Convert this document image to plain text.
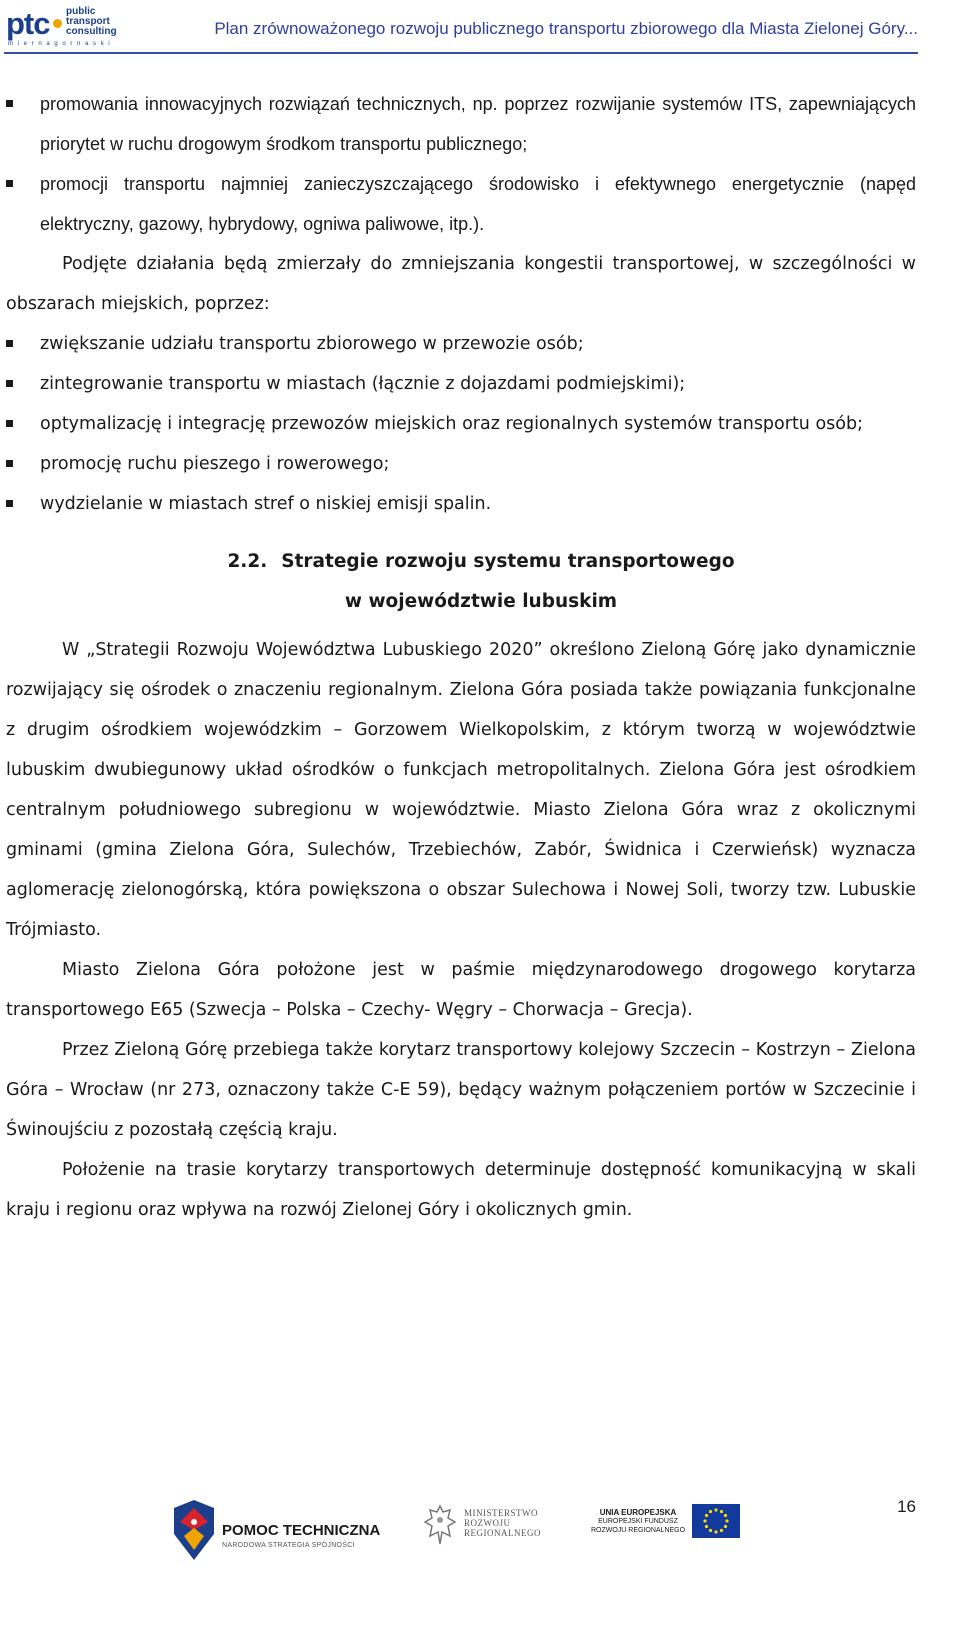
ptc public
transport
consulting
m i e r n a g o r n a s k i
Plan zrównoważonego rozwoju publicznego transportu zbiorowego dla Miasta Zielonej Góry...
promowania innowacyjnych rozwiązań technicznych, np. poprzez rozwijanie systemów ITS, zapewniających priorytet w ruchu drogowym środkom transportu publicznego;
promocji transportu najmniej zanieczyszczającego środowisko i efektywnego energetycznie (napęd elektryczny, gazowy, hybrydowy, ogniwa paliwowe, itp.).
Podjęte działania będą zmierzały do zmniejszania kongestii transportowej, w szczególności w obszarach miejskich, poprzez:
zwiększanie udziału transportu zbiorowego w przewozie osób;
zintegrowanie transportu w miastach (łącznie z dojazdami podmiejskimi);
optymalizację i integrację przewozów miejskich oraz regionalnych systemów transportu osób;
promocję ruchu pieszego i rowerowego;
wydzielanie w miastach stref o niskiej emisji spalin.
2.2. Strategie rozwoju systemu transportowego
w województwie lubuskim
W „Strategii Rozwoju Województwa Lubuskiego 2020” określono Zieloną Górę jako dynamicznie rozwijający się ośrodek o znaczeniu regionalnym. Zielona Góra posiada także powiązania funkcjonalne z drugim ośrodkiem wojewódzkim – Gorzowem Wielkopolskim, z którym tworzą w województwie lubuskim dwubiegunowy układ ośrodków o funkcjach metropolitalnych. Zielona Góra jest ośrodkiem centralnym południowego subregionu w województwie. Miasto Zielona Góra wraz z okolicznymi gminami (gmina Zielona Góra, Sulechów, Trzebiechów, Zabór, Świdnica i Czerwieńsk) wyznacza aglomerację zielonogórską, która powiększona o obszar Sulechowa i Nowej Soli, tworzy tzw. Lubuskie Trójmiasto.
Miasto Zielona Góra położone jest w paśmie międzynarodowego drogowego korytarza transportowego E65 (Szwecja – Polska – Czechy- Węgry – Chorwacja – Grecja).
Przez Zieloną Górę przebiega także korytarz transportowy kolejowy Szczecin – Kostrzyn – Zielona Góra – Wrocław (nr 273, oznaczony także C-E 59), będący ważnym połączeniem portów w Szczecinie i Świnoujściu z pozostałą częścią kraju.
Położenie na trasie korytarzy transportowych determinuje dostępność komunikacyjną w skali kraju i regionu oraz wpływa na rozwój Zielonej Góry i okolicznych gmin.
POMOC TECHNICZNA
NARODOWA STRATEGIA SPÓJNOŚCI
MINISTERSTWO
ROZWOJU
REGIONALNEGO
UNIA EUROPEJSKA
EUROPEJSKI FUNDUSZ
ROZWOJU REGIONALNEGO
16
